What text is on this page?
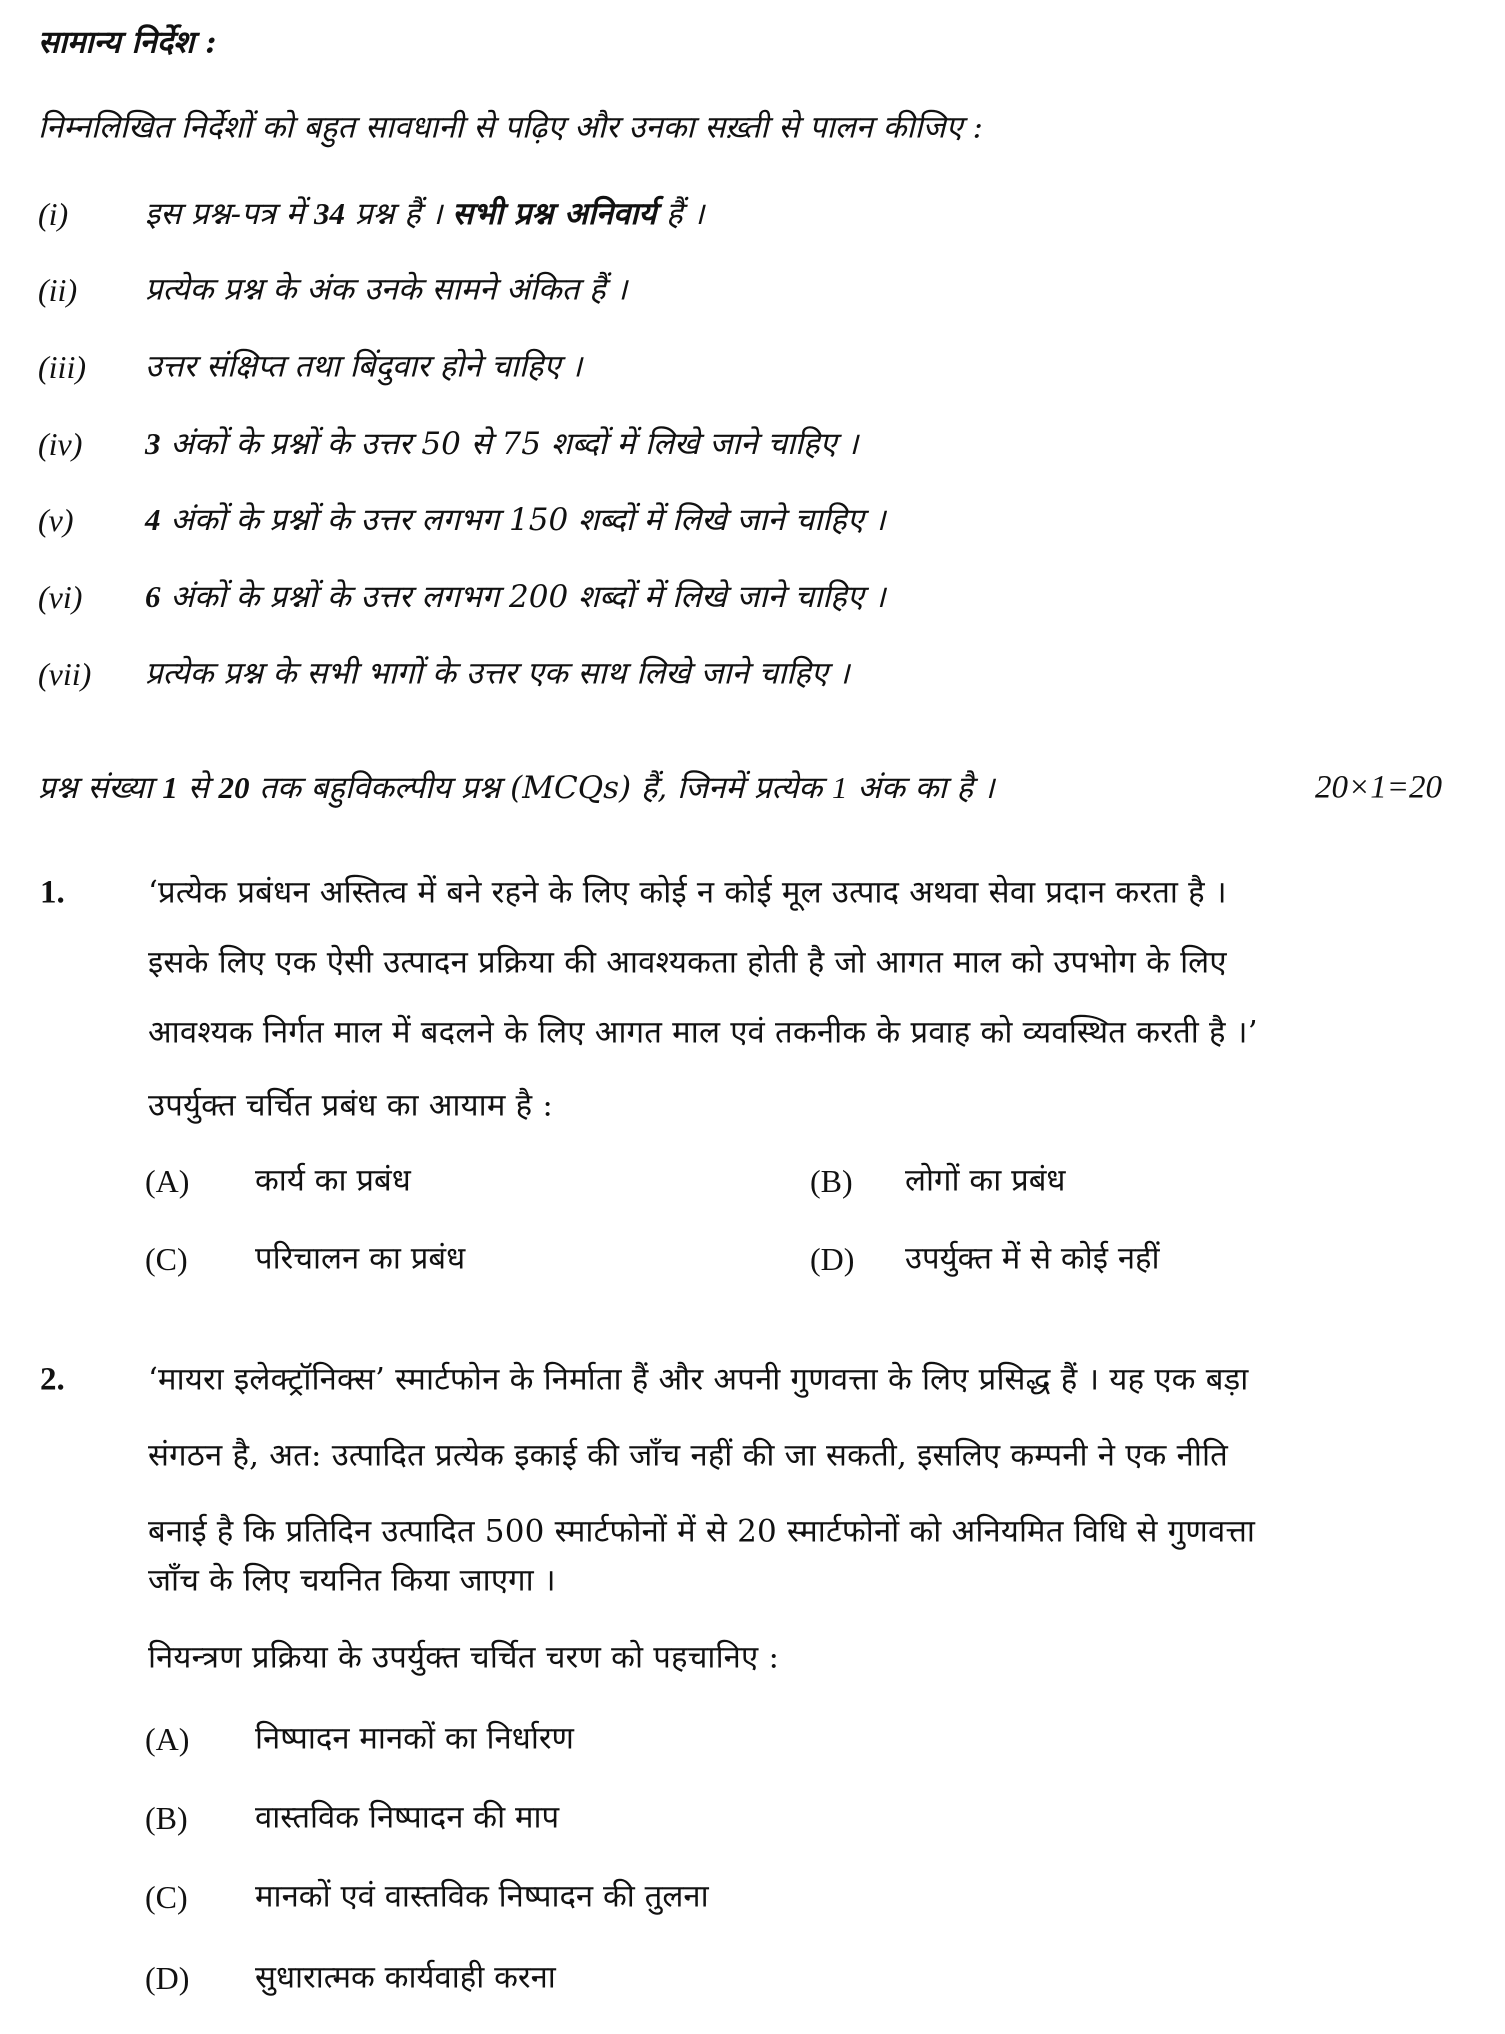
सामान्य निर्देश :
निम्नलिखित निर्देशों को बहुत सावधानी से पढ़िए और उनका सख़्ती से पालन कीजिए :
(i) इस प्रश्न-पत्र में 34 प्रश्न हैं । सभी प्रश्न अनिवार्य हैं ।
(ii) प्रत्येक प्रश्न के अंक उनके सामने अंकित हैं ।
(iii) उत्तर संक्षिप्त तथा बिंदुवार होने चाहिए ।
(iv) 3 अंकों के प्रश्नों के उत्तर 50 से 75 शब्दों में लिखे जाने चाहिए ।
(v) 4 अंकों के प्रश्नों के उत्तर लगभग 150 शब्दों में लिखे जाने चाहिए ।
(vi) 6 अंकों के प्रश्नों के उत्तर लगभग 200 शब्दों में लिखे जाने चाहिए ।
(vii) प्रत्येक प्रश्न के सभी भागों के उत्तर एक साथ लिखे जाने चाहिए ।
प्रश्न संख्या 1 से 20 तक बहुविकल्पीय प्रश्न (MCQs) हैं, जिनमें प्रत्येक 1 अंक का है ।	20×1=20
1.	‘प्रत्येक प्रबंधन अस्तित्व में बने रहने के लिए कोई न कोई मूल उत्पाद अथवा सेवा प्रदान करता है ।
इसके लिए एक ऐसी उत्पादन प्रक्रिया की आवश्यकता होती है जो आगत माल को उपभोग के लिए
आवश्यक निर्गत माल में बदलने के लिए आगत माल एवं तकनीक के प्रवाह को व्यवस्थित करती है ।’
उपर्युक्त चर्चित प्रबंध का आयाम है :
(A) कार्य का प्रबंध	(B) लोगों का प्रबंध
(C) परिचालन का प्रबंध	(D) उपर्युक्त में से कोई नहीं
2.	‘मायरा इलेक्ट्रॉनिक्स’ स्मार्टफोन के निर्माता हैं और अपनी गुणवत्ता के लिए प्रसिद्ध हैं । यह एक बड़ा
संगठन है, अत: उत्पादित प्रत्येक इकाई की जाँच नहीं की जा सकती, इसलिए कम्पनी ने एक नीति
बनाई है कि प्रतिदिन उत्पादित 500 स्मार्टफोनों में से 20 स्मार्टफोनों को अनियमित विधि से गुणवत्ता
जाँच के लिए चयनित किया जाएगा ।
नियन्त्रण प्रक्रिया के उपर्युक्त चर्चित चरण को पहचानिए :
(A) निष्पादन मानकों का निर्धारण
(B) वास्तविक निष्पादन की माप
(C) मानकों एवं वास्तविक निष्पादन की तुलना
(D) सुधारात्मक कार्यवाही करना
